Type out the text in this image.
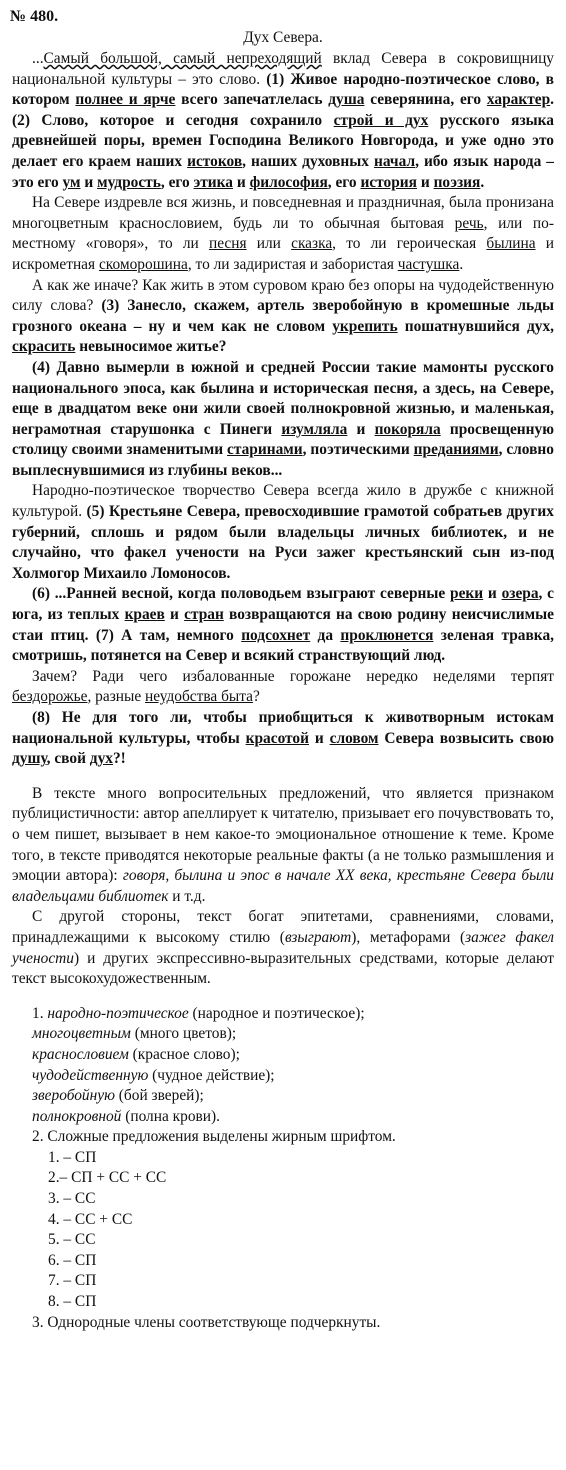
№ 480.
Дух Севера.

...Самый большой, самый непреходящий вклад Севера в сокровищницу национальной культуры – это слово. (1) Живое народно-поэтическое слово, в котором полнее и ярче всего запечатлелась душа северянина, его характер. (2) Слово, которое и сегодня сохранило строй и дух русского языка древнейшей поры, времен Господина Великого Новгорода, и уже одно это делает его краем наших истоков, наших духовных начал, ибо язык народа – это его ум и мудрость, его этика и философия, его история и поэзия.

На Севере издревле вся жизнь, и повседневная и праздничная, была пронизана многоцветным краснословием, будь ли то обычная бытовая речь, или по-местному «говоря», то ли песня или сказка, то ли героическая былина и искрометная скоморошина, то ли задиристая и забористая частушка.

А как же иначе? Как жить в этом суровом краю без опоры на чудодейственную силу слова? (3) Занесло, скажем, артель зверобойную в кромешные льды грозного океана – ну и чем как не словом укрепить пошатнувшийся дух, скрасить невыносимое житье?

(4) Давно вымерли в южной и средней России такие мамонты русского национального эпоса, как былина и историческая песня, а здесь, на Севере, еще в двадцатом веке они жили своей полнокровной жизнью, и маленькая, неграмотная старушонка с Пинеги изумляла и покоряла просвещенную столицу своими знаменитыми старинами, поэтическими преданиями, словно выплеснувшимися из глубины веков...

Народно-поэтическое творчество Севера всегда жило в дружбе с книжной культурой. (5) Крестьяне Севера, превосходившие грамотой собратьев других губерний, сплошь и рядом были владельцы личных библиотек, и не случайно, что факел учености на Руси зажег крестьянский сын из-под Холмогор Михаило Ломоносов.

(6) ...Ранней весной, когда половодьем взыграют северные реки и озера, с юга, из теплых краев и стран возвращаются на свою родину неисчислимые стаи птиц. (7) А там, немного подсохнет да проклюнется зеленая травка, смотришь, потянется на Север и всякий странствующий люд.

Зачем? Ради чего избалованные горожане нередко неделями терпят бездорожье, разные неудобства быта?

(8) Не для того ли, чтобы приобщиться к животворным истокам национальной культуры, чтобы красотой и словом Севера возвысить свою душу, свой дух?!

В тексте много вопросительных предложений, что является признаком публицистичности: автор апеллирует к читателю, призывает его почувствовать то, о чем пишет, вызывает в нем какое-то эмоциональное отношение к теме. Кроме того, в тексте приводятся некоторые реальные факты (а не только размышления и эмоции автора): говоря, былина и эпос в начале XX века, крестьяне Севера были владельцами библиотек и т.д.

С другой стороны, текст богат эпитетами, сравнениями, словами, принадлежащими к высокому стилю (взыграют), метафорами (зажег факел учености) и других экспрессивно-выразительных средствами, которые делают текст высокохудожественным.

1. народно-поэтическое (народное и поэтическое);
многоцветным (много цветов);
краснословием (красное слово);
чудодейственную (чудное действие);
зверобойную (бой зверей);
полнокровной (полна крови).
2. Сложные предложения выделены жирным шрифтом.
1. – СП
2.– СП + СС + СС
3. – СС
4. – СС + СС
5. – СС
6. – СП
7. – СП
8. – СП
3. Однородные члены соответствующе подчеркнуты.
